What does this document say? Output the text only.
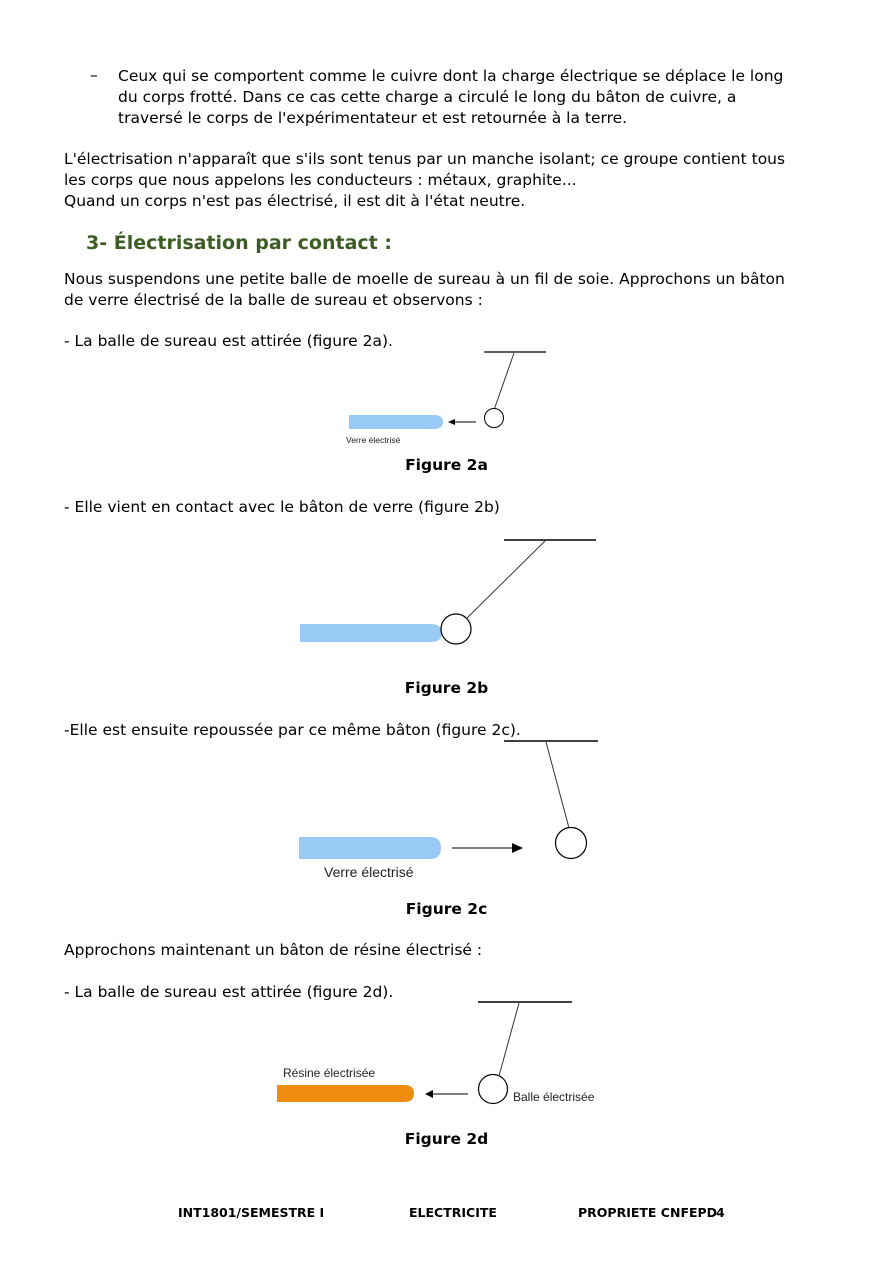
– Ceux qui se comportent comme le cuivre dont la charge électrique se déplace le long
du corps frotté. Dans ce cas cette charge a circulé le long du bâton de cuivre, a
traversé le corps de l'expérimentateur et est retournée à la terre.
L'électrisation n'apparaît que s'ils sont tenus par un manche isolant; ce groupe contient tous
les corps que nous appelons les conducteurs : métaux, graphite...
Quand un corps n'est pas électrisé, il est dit à l'état neutre.
3- Électrisation par contact :
Nous suspendons une petite balle de moelle de sureau à un fil de soie. Approchons un bâton
de verre électrisé de la balle de sureau et observons :
- La balle de sureau est attirée (figure 2a).
Verre électrisé
Figure 2a
- Elle vient en contact avec le bâton de verre (figure 2b)
Figure 2b
-Elle est ensuite repoussée par ce même bâton (figure 2c).
Verre électrisé
Figure 2c
Approchons maintenant un bâton de résine électrisé :
- La balle de sureau est attirée (figure 2d).
Résine électrisée
Balle électrisée
Figure 2d
INT1801/SEMESTRE I	ELECTRICITE	PROPRIETE CNFEPD
4
